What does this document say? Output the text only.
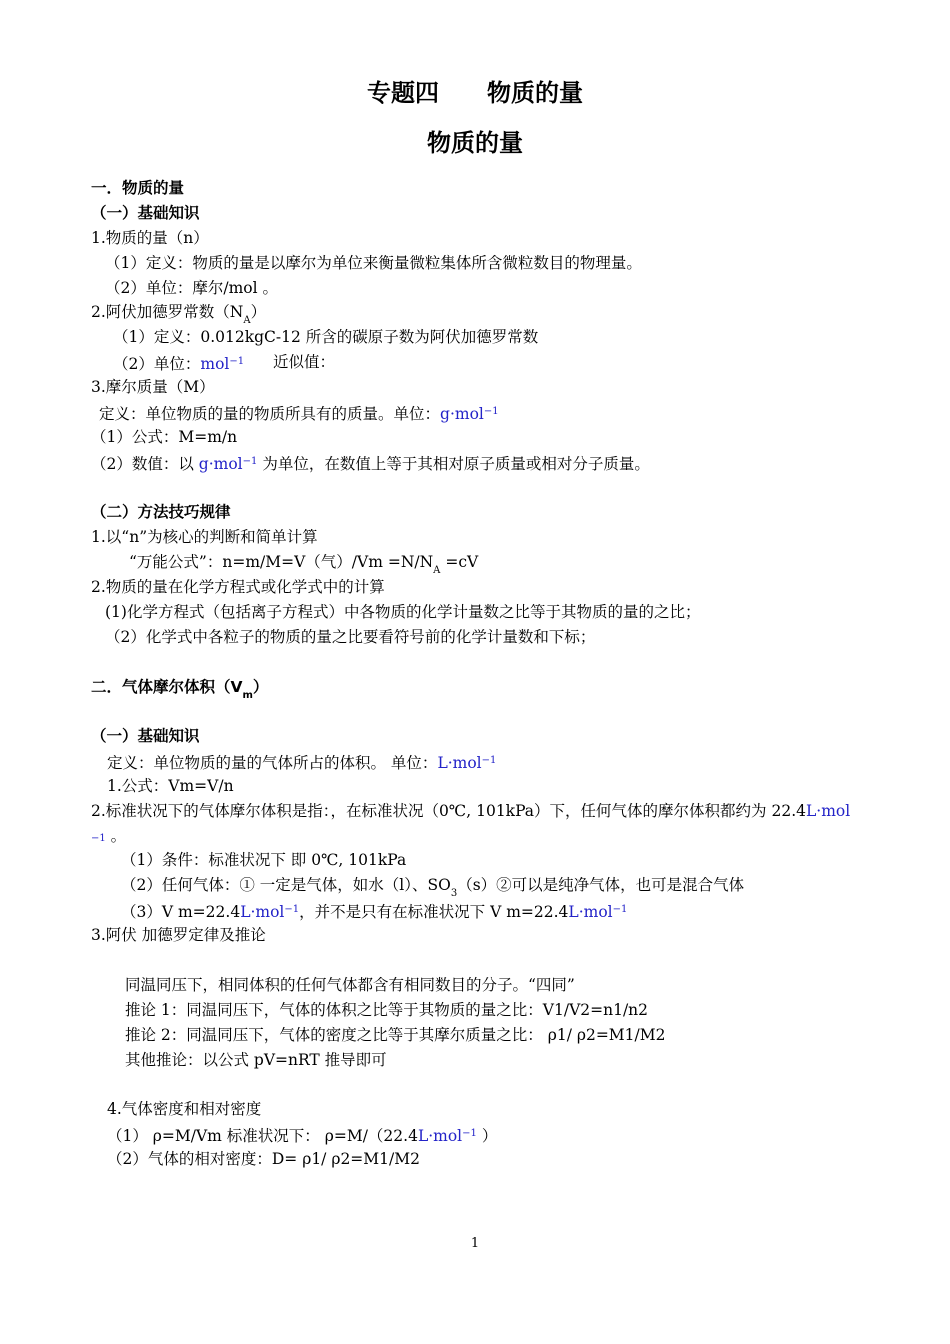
专题四　　物质的量
物质的量
一．物质的量
（一）基础知识
1.物质的量（n）
（1）定义：物质的量是以摩尔为单位来衡量微粒集体所含微粒数目的物理量。
（2）单位：摩尔/mol 。
2.阿伏加德罗常数$(N_A)$
（1）定义：0.012kgC-12 所含的碳原子数为阿伏加德罗常数
（2）单位：mol$^{-1}$ 近似值：
3.摩尔质量（M）
定义：单位物质的量的物质所具有的质量。单位：g·mol$^{-1}$
（1）公式：M=m/n
（2）数值：以 g·mol$^{-1}$ 为单位，在数值上等于其相对原子质量或相对分子质量。
（二）方法技巧规律
1.以“n”为核心的判断和简单计算
“万能公式”：n=m/M=V（气）$/Vm =N/N_A =cV$
2.物质的量在化学方程式或化学式中的计算
(1)化学方程式（包括离子方程式）中各物质的化学计量数之比等于其物质的量的之比；
（2）化学式中各粒子的物质的量之比要看符号前的化学计量数和下标；
二．气体摩尔体积$(V_m)$
（一）基础知识
定义：单位物质的量的气体所占的体积。 单位：L·mol$^{-1}$
1.公式：Vm=V/n
2.标准状况下的气体摩尔体积是指：，在标准状况（0℃, 101kPa）下，任何气体的摩尔体积都约为 22.4L·mol
−1 。
（1）条件：标准状况下 即 0℃, 101kPa
（2）任何气体：① 一定是气体，如水（l）、$SO_3(s)②$可以是纯净气体，也可是混合气体
（3）V m=22.4L·mol$^{-1}$，并不是只有在标准状况下 V m=22.4L·mol$^{-1}$
3.阿伏 加德罗定律及推论
同温同压下，相同体积的任何气体都含有相同数目的分子。“四同”
推论 1：同温同压下，气体的体积之比等于其物质的量之比：V1/V2=n1/n2
推论 2：同温同压下，气体的密度之比等于其摩尔质量之比： ρ1/ ρ2=M1/M2
其他推论：以公式 pV=nRT 推导即可
4.气体密度和相对密度
（1） ρ=M/Vm 标准状况下： ρ=M/（22.4L·mol$^{-1}$ ）
（2）气体的相对密度：D= ρ1/ ρ2=M1/M2
1
